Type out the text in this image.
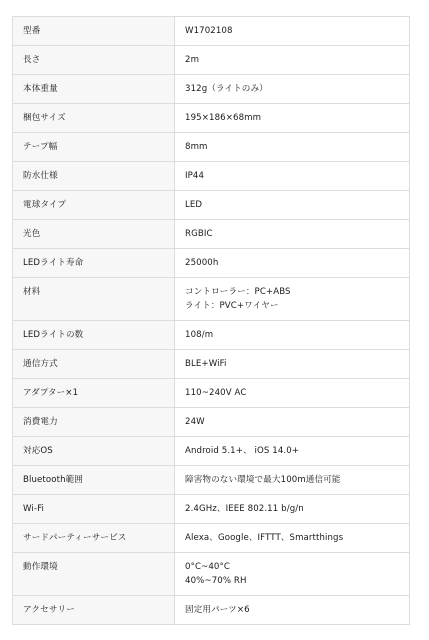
型番	W1702108

長さ	2m

本体重量	312g（ライトのみ）

梱包サイズ	195×186×68mm

テープ幅	8mm

防水仕様	IP44

電球タイプ	LED

光色	RGBIC

LEDライト寿命	25000h

材料	コントローラー：PC+ABS
ライト：PVC+ワイヤー

LEDライトの数	108/m

通信方式	BLE+WiFi

アダプター×1	110~240V AC

消費電力	24W

対応OS	Android 5.1+、 iOS 14.0+

Bluetooth範囲	障害物のない環境で最大100m通信可能

Wi-Fi	2.4GHz、IEEE 802.11 b/g/n

サードパーティーサービス	Alexa、Google、IFTTT、Smartthings

動作環境	0°C~40°C
40%~70% RH

アクセサリー	固定用パーツ×6
